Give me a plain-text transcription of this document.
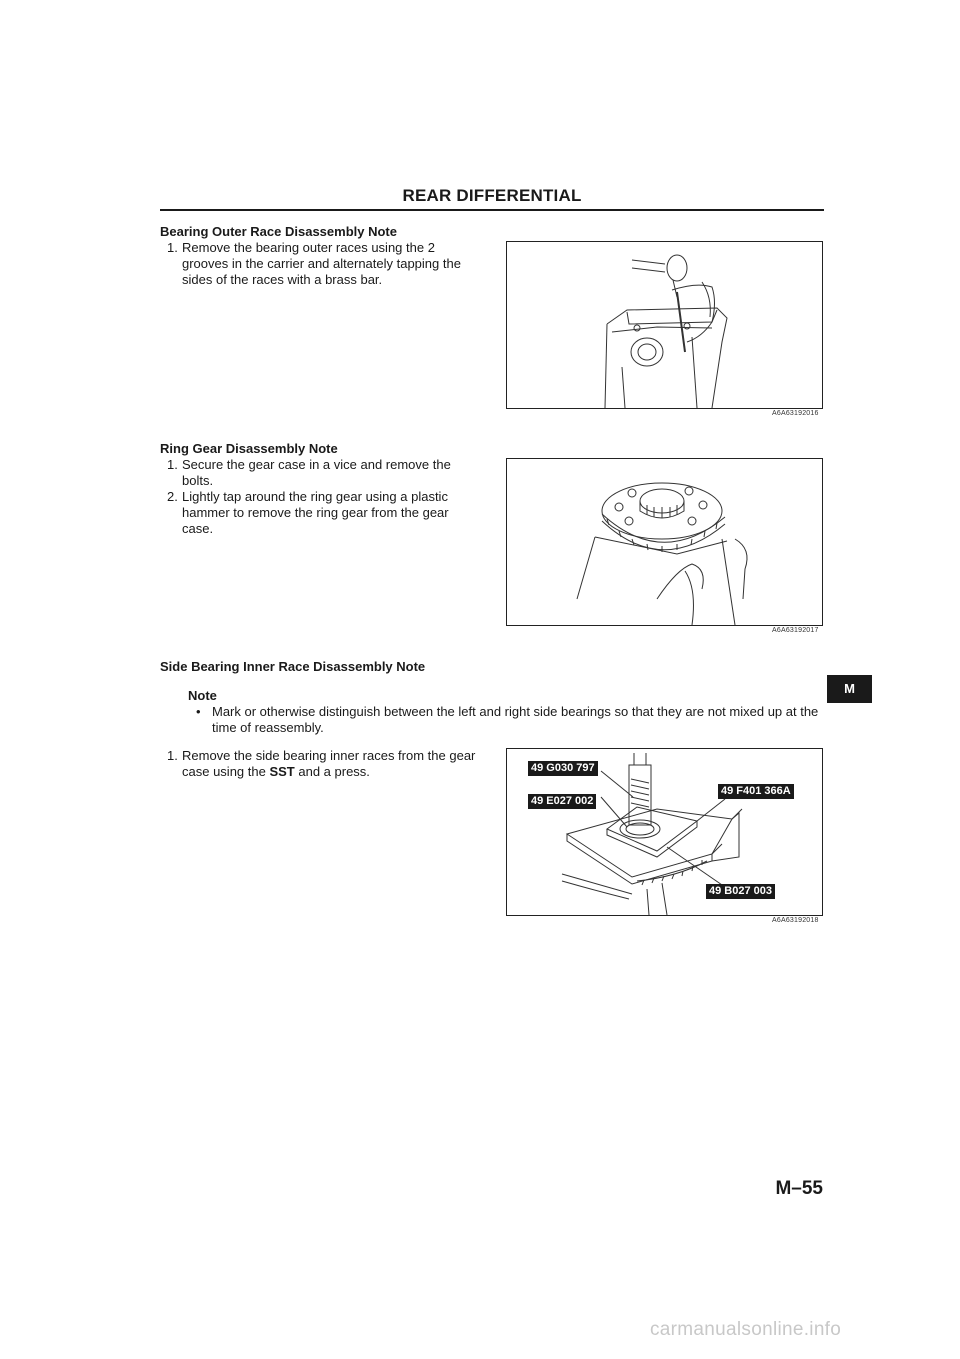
REAR DIFFERENTIAL
Bearing Outer Race Disassembly Note
1. Remove the bearing outer races using the 2 grooves in the carrier and alternately tapping the sides of the races with a brass bar.
A6A63192016
Ring Gear Disassembly Note
1. Secure the gear case in a vice and remove the bolts.
2. Lightly tap around the ring gear using a plastic hammer to remove the ring gear from the gear case.
A6A63192017
Side Bearing Inner Race Disassembly Note
Note
• Mark or otherwise distinguish between the left and right side bearings so that they are not mixed up at the time of reassembly.
1. Remove the side bearing inner races from the gear case using the SST and a press.	49 G030 797
49 E027 002
49 F401 366A
49 B027 003
A6A63192018
M
M–55
carmanualsonline.info
